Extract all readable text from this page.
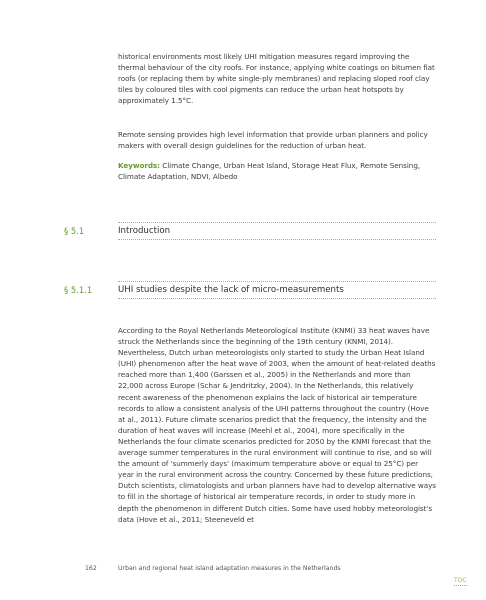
historical environments most likely UHI mitigation measures regard improving the thermal behaviour of the city roofs. For instance, applying white coatings on bitumen flat roofs (or replacing them by white single-ply membranes) and replacing sloped roof clay tiles by coloured tiles with cool pigments can reduce the urban heat hotspots by approximately 1.5°C.

Remote sensing provides high level information that provide urban planners and policy makers with overall design guidelines for the reduction of urban heat.

Keywords: Climate Change, Urban Heat Island, Storage Heat Flux, Remote Sensing, Climate Adaptation, NDVI, Albedo

§ 5.1	Introduction
§ 5.1.1	UHI studies despite the lack of micro-measurements

According to the Royal Netherlands Meteorological Institute (KNMI) 33 heat waves have struck the Netherlands since the beginning of the 19th century (KNMI, 2014). Nevertheless, Dutch urban meteorologists only started to study the Urban Heat Island (UHI) phenomenon after the heat wave of 2003, when the amount of heat-related deaths reached more than 1,400 (Garssen et al., 2005) in the Netherlands and more than 22,000 across Europe (Schar & Jendritzky, 2004). In the Netherlands, this relatively recent awareness of the phenomenon explains the lack of historical air temperature records to allow a consistent analysis of the UHI patterns throughout the country (Hove at al., 2011). Future climate scenarios predict that the frequency, the intensity and the duration of heat waves will increase (Meehl et al., 2004), more specifically in the Netherlands the four climate scenarios predicted for 2050 by the KNMI forecast that the average summer temperatures in the rural environment will continue to rise, and so will the amount of 'summerly days' (maximum temperature above or equal to 25°C) per year in the rural environment across the country. Concerned by these future predictions, Dutch scientists, climatologists and urban planners have had to develop alternative ways to fill in the shortage of historical air temperature records, in order to study more in depth the phenomenon in different Dutch cities. Some have used hobby meteorologist's data (Hove et al., 2011; Steeneveld et

162	Urban and regional heat island adaptation measures in the Netherlands
TOC
